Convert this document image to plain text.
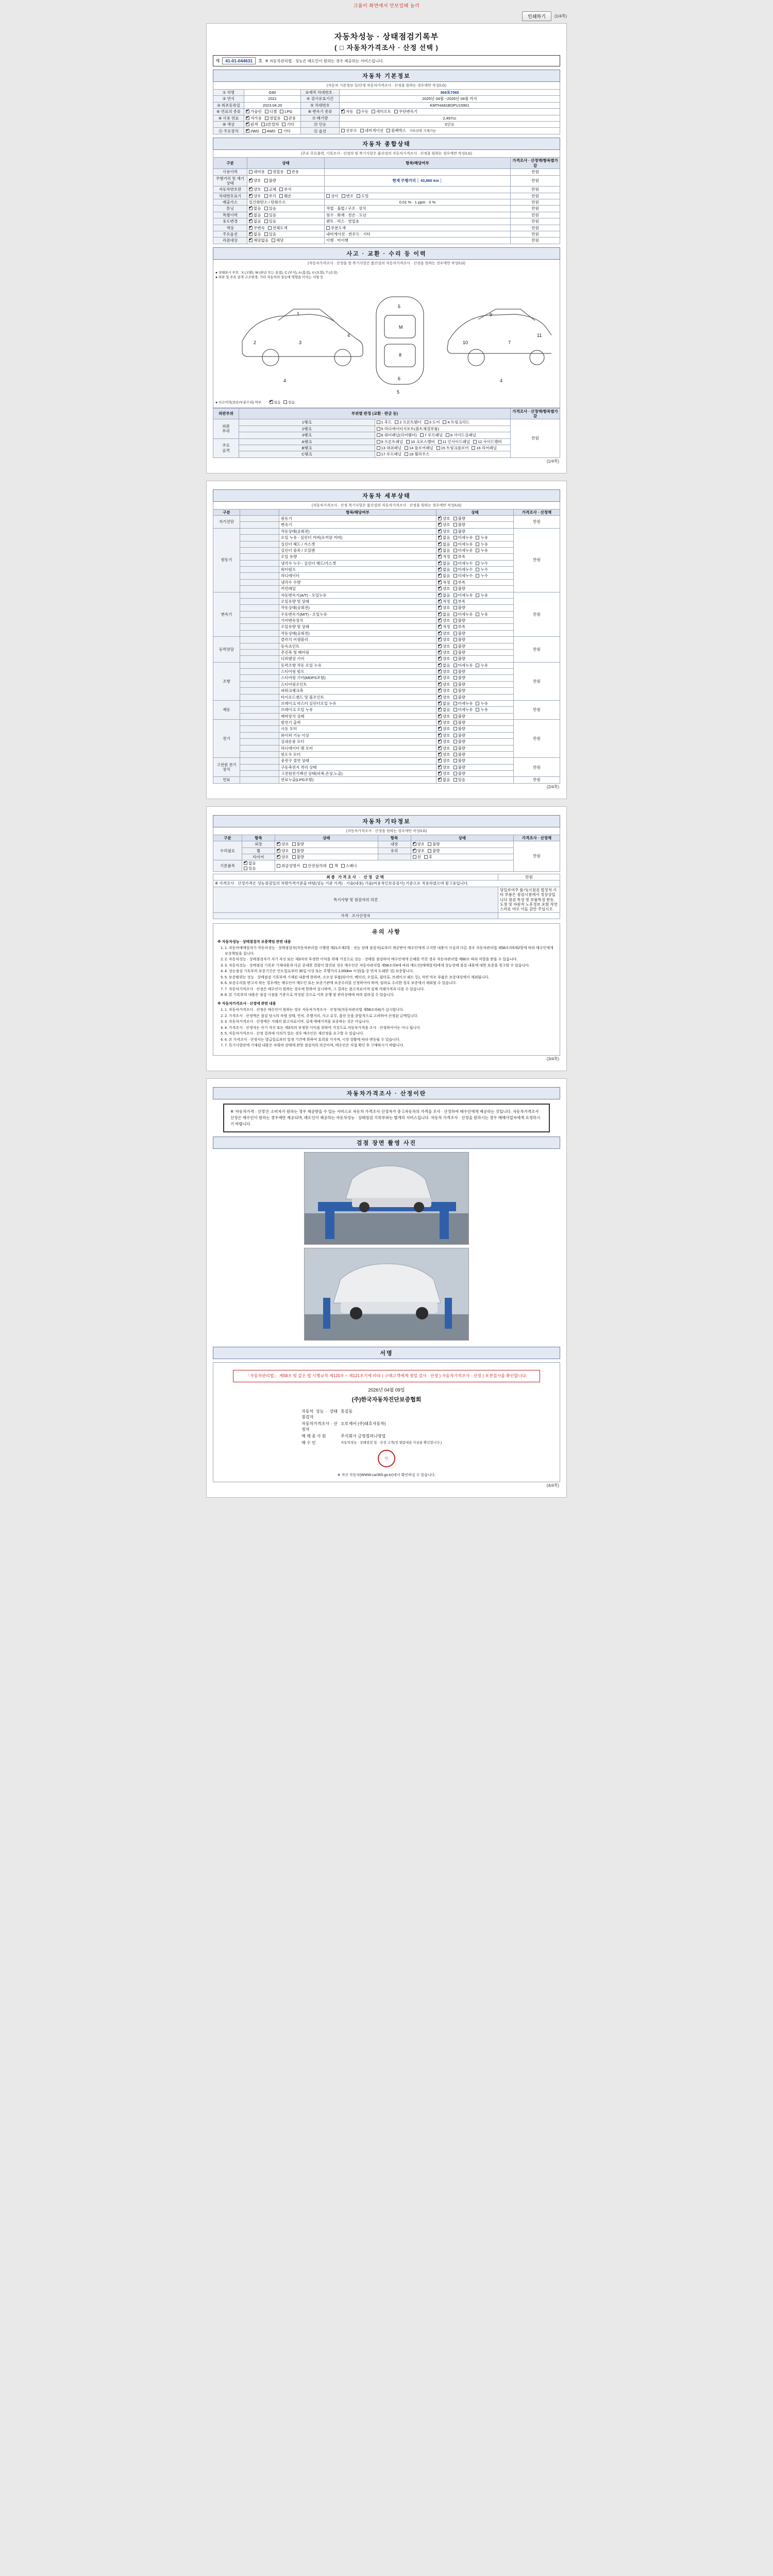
크롬이 화면에서 안보일때 눌러
인쇄하기	(1/4쪽)
자동차성능 · 상태점검기록부
( □ 자동차가격조사 · 산정 선택 )
제	41-01-044631	호 ※ 자동차관리법 · 성능은 매도인이 원하는 경우 제공하는 서비스입니다.
자동차 기본정보
(자동차 기본정보 등/산정 자동차가격조사 · 산정을 원하는 경우에만 작성/LG)
① 차명	G80	②제작 차대번호 ·	369포7060
② 연식	2021	④ 검사유효기간	2025년 04월 ~2026년 04월 까지
③ 최초등록일	2023.04.20	⑤ 차대번호	KMTHA81BDPU15901
⑥ 연료의 종류	✔가솔린 디젤 LPG	⑧ 변속기 종류	✔자동 수동 세미오토 무단변속기
⑨ 사용 연료	✔자가용 영업용 관용	⑦ 배기량	2,497cc
⑩ 색상	✔원색 2톤칼라 기타	⑬ 인승	5인승
⑪ 주요장치	✔2WD 4WD 기타	⑫ 옵션	선루프 네비게이션 블랙박스 기타선택 기재가능
자동차 종합상태
(주요 주요출력, 기록조사 · 산정의 및 복기사항은 품산검의 자동차가격조사 · 산정을 원하는 경우에만 작성/LG)
구분	상태	항목/해당여부	가격조사 · 산정액/항목별가감
사용이력	대여용 영업용 관용		만원
주행거리 및 계기상태	✔양호 불량	현재 주행거리 │ 43,860 km │	만원
자동차번호판	✔양호 교체 부식		만원
차대번호표기	✔양호 부식 훼손	상이 변조 도말	만원
배출가스	일산화탄소 / 탄화수소	0.01 % · 1 ppm · 0 %	만원
튜닝	✔없음 있음	적법 · 불법 / 구조 · 장치	만원
특별이력	✔없음 있음	침수 · 화재 · 전손 · 도난	만원
용도변경	✔없음 있음	렌트 · 리스 · 영업용	만원
색상	✔무변속 전체도색	부분도색	만원
주요옵션	✔없음 있음	내비게이션 · 썬루프 · 기타	만원
리콜대상	✔해당없음 해당	이행 · 미이행	만원
사고 · 교환 · 수리 등 이력
(자동차가격조사 · 산정을 할 복기사항은 품산검의 자동차가격조사 · 산정을 원하는 경우에만 작성/LG)
● 상태표시 부호 : X (교환), W (판금 또는 용접), C (부식), A (흠집), U (요철), T (손상)
● 외판 및 주요 골격 구조변경, 기타 자동차의 성능에 영향을 미치는 사항 등
1
2	3
4
5
M
8
6
9
10	7
11
4
5
4
● 사고이력(전손/부분수리) 여부 ✔	없음 있음
외판부위	부위별 판정 (교환 · 판금 등)		가격조사 · 산정액/항목별가감
외판
부위	1랭크	1 후드 2 프론트휀더 3 도어 4 트렁크리드	만원
	2랭크	5 라디에이터서포트(볼트체결부품)	
	3랭크	6 쿼터패널(리어휀더) 7 루프패널 8 사이드실패널	
주요
골격	A랭크	9 프론트패널 10 크로스멤버 11 인사이드패널 12 사이드멤버	
	B랭크	13 대쉬패널 14 플로어패널 15 트렁크플로어 16 리어패널	
	C랭크	17 루프패널 18 휠하우스	
(1/4쪽)
자동차 세부상태
(자동차가격조사 · 산정 복기사항은 품산검의 자동차가격조사 · 산정을 원하는 경우에만 작성/LG)
구분		항목/해당여부	상태	가격조사 · 산정액
자기진단		원동기	✔양호 불량	만원
		변속기	✔양호 불량
원동기		작동상태(공회전)	✔양호 불량	만원
		오일 누유 - 실린더 커버(로커암 커버)	✔없음 미세누유 누유
		실린더 헤드 / 가스켓	✔없음 미세누유 누유
		실린더 블록 / 오일팬	✔없음 미세누유 누유
		오일 유량	✔적정 부족
		냉각수 누수 - 실린더 헤드/가스켓	✔없음 미세누수 누수
		워터펌프	✔없음 미세누수 누수
		라디에이터	✔없음 미세누수 누수
		냉각수 수량	✔적정 부족
		커먼레일	✔양호 불량
변속기		자동변속기(A/T) - 오일누유	✔없음 미세누유 누유	만원
		오일유량 및 상태	✔적정 부족
		작동상태(공회전)	✔양호 불량
		수동변속기(M/T) - 오일누유	✔없음 미세누유 누유
		기어변속장치	✔양호 불량
		오일유량 및 상태	✔적정 부족
		작동상태(공회전)	✔양호 불량
동력전달		클러치 어셈블리	✔양호 불량	만원
		등속죠인트	✔양호 불량
		추진축 및 베어링	✔양호 불량
		디퍼렌셜 기어	✔양호 불량
조향		동력조향 작동 오일 누유	✔없음 미세누유 누유	만원
		스티어링 펌프	✔양호 불량
		스티어링 기어(MDPS포함)	✔양호 불량
		스티어링조인트	✔양호 불량
		파워크랭크축	✔양호 불량
		타이로드엔드 및 볼조인트	✔양호 불량
제동		브레이크 마스터 실린더오일 누유	✔없음 미세누유 누유	만원
		브레이크 오일 누유	✔없음 미세누유 누유
		배력장치 상태	✔양호 불량
전기		발전기 출력	✔양호 불량	만원
		시동 모터	✔양호 불량
		와이퍼 기능 이상	✔양호 불량
		실내송풍 모터	✔양호 불량
		라디에이터 팬 모터	✔양호 불량
		윈도우 모터	✔양호 불량
고전원 전기장치		충전구 절연 상태	✔양호 불량	만원
		구동축전지 격리 상태	✔양호 불량
		고전원전기배선 상태(피복,손상,노출)	✔양호 불량
연료		연료누출(LPG포함)	✔없음 있음	만원
(2/4쪽)
자동차 기타정보
(자동차가격조사 · 산정을 원하는 경우에만 작성/LG)
구분	항목	상태	항목	상태	가격조사 · 산정액
수리필요	외장	✔양호 불량	내장	✔양호 불량	만원
	휠	✔양호 불량	유리	✔양호 불량
	타이어	✔양호 불량		전 후	
기본품목	✔없음있음	취급설명서 안전삼각대 잭 스패너			
최종 가격조사 · 산정 금액	만원
※ 가격조사 · 산정가격은 성능점검일의 차량가격기준을 바탕(성능 기준 가격) · 기술(내용) 기술(비용적인보증검사) 기준으로 적용하였으며 참고용입니다.	
특기사항 및 점검자의 의견	당일보여주 품기(시점검 벌정적 기타 부품은 점검시점에서 정상상입니다 점검 특성 및 부품특징 한동. 도장 및 자원적 노후정보 포함 작연스러운 마모 이들 감안 주십시오.
가격 · 조사산정자	
유의 사항

※ 자동차성능 · 상태점검자 보증책임 관련 내용

1. 1. 자동차매매업자가 자동차성능 · 상태점검자(자동차관리법 시행령 제21조제2항 · 성능 상태 점검자)로부터 제공받아 매수인에게 고지한 내용이 사실과 다른 경우 자동차관리법 제58조의5제2항에 따라 매수인에게 보상책임을 집니다.
2. 2. 자동차성능 · 상태점검자가 자기 자신 또는 제3자의 부정한 이익을 위해 거짓으로 성능 · 상태를 점검하여 매수인에게 손해를 끼친 경우 자동차관리법 제80조 따라 처벌을 받을 수 있습니다.
3. 3. 자동차성능 · 상태점검 기록부 기재내용과 다른 중대한 결함이 발견된 경우 매수인은 자동차관리법 제58조의4에 따라 매도인(매매업자)에게 성능상태 점검 내용에 대한 보증을 청구할 수 있습니다.
4. 4. 성능점검 기록부의 보증기간은 인도일로부터 30일 이상 또는 주행거리 2,000km 이상(둘 중 먼저 도래한 것) 보증합니다.
5. 5. 보증범위는 성능 · 상태점검 기록부에 기재된 내용에 한하며, 소모성 부품(타이어, 배터리, 오일류, 필터류, 브레이크 패드 등), 자연 마모 부품은 보증대상에서 제외됩니다.
6. 6. 보증수리를 받고자 하는 경우에는 매수인이 매도인 또는 보증기관에 보증수리를 신청하여야 하며, 임의로 수리한 경우 보증에서 제외될 수 있습니다.
7. 7. 자동차가격조사 · 산정은 매수인이 원하는 경우에 한하여 실시하며, 그 결과는 참고자료이며 실제 거래가격과 다를 수 있습니다.
8. 8. 본 기록부의 내용은 점검 시점을 기준으로 작성된 것으로 이후 운행 및 관리상태에 따라 달라질 수 있습니다.

※ 자동차가격조사 · 산정에 관련 내용

1. 1. 자동차가격조사 · 산정은 매수인이 원하는 경우 자동차가격조사 · 산정자(자동차관리법 제58조의4)가 실시합니다.
2. 2. 가격조사 · 산정액은 점검 당시의 차량 상태, 연식, 주행거리, 사고 유무, 옵션 등을 종합적으로 고려하여 산정된 금액입니다.
3. 3. 자동차가격조사 · 산정액은 거래의 참고자료이며, 실제 매매가격을 보증하는 것은 아닙니다.
4. 4. 가격조사 · 산정자는 자기 자신 또는 제3자의 부정한 이익을 위하여 거짓으로 자동차가격을 조사 · 산정하여서는 아니 됩니다.
5. 5. 자동차가격조사 · 산정 결과에 이의가 있는 경우 매수인은 재산정을 요구할 수 있습니다.
6. 6. 본 가격조사 · 산정서는 발급일로부터 일정 기간에 한하여 효력을 가지며, 시장 상황에 따라 변동될 수 있습니다.
7. 7. 특기사항란에 기재된 내용은 차량의 상태에 관한 점검자의 의견이며, 매수인은 직접 확인 후 구매하시기 바랍니다.
(3/4쪽)
자동차가격조사 · 산정이란
※ '자동차가격 · 산정'은 소비자가 원하는 경우 제공받을 수 있는 서비스로 자동차 가격조사·산정자가 중고자동차의 가격을 조사 · 산정하여 매수인에게 제공하는 것입니다. 자동차가격조사 · 산정은 매수인이 원하는 경우에만 제공되며, 매도인이 제공하는 자동차성능 · 상태점검 기록부와는 별개의 서비스입니다. 자동차 가격조사 · 산정을 원하시는 경우 매매사업자에게 요청하시기 바랍니다.
검점 장면 촬영 사진
서명
「자동차관리법」 제58조 및 같은 법 시행규칙 제120조 ~ 제121조기에 따라 ( 구매고객에게 정밀 검사 · 산정 ) 자동차가격조사 · 산정 ) 보전검사를 확인합니다.
2026년 04월 09일
(주)한국자동차진단보증협회
자동차 성능 · 상태점검자
홍길동
자동차가격조사 · 산정자
오토캐어 (주)태호자동차)
매 매 종 사 원	주식회사 금영컴퍼니영업
매 수 인	자동차성능 · 상태점검 및 · 산정 고객(정 열람내용 사실을 확인합니다.)
인
※ 자신 자동차(WWW.car365.go.kr)에서 확인하실 수 있습니다.
(4/4쪽)
